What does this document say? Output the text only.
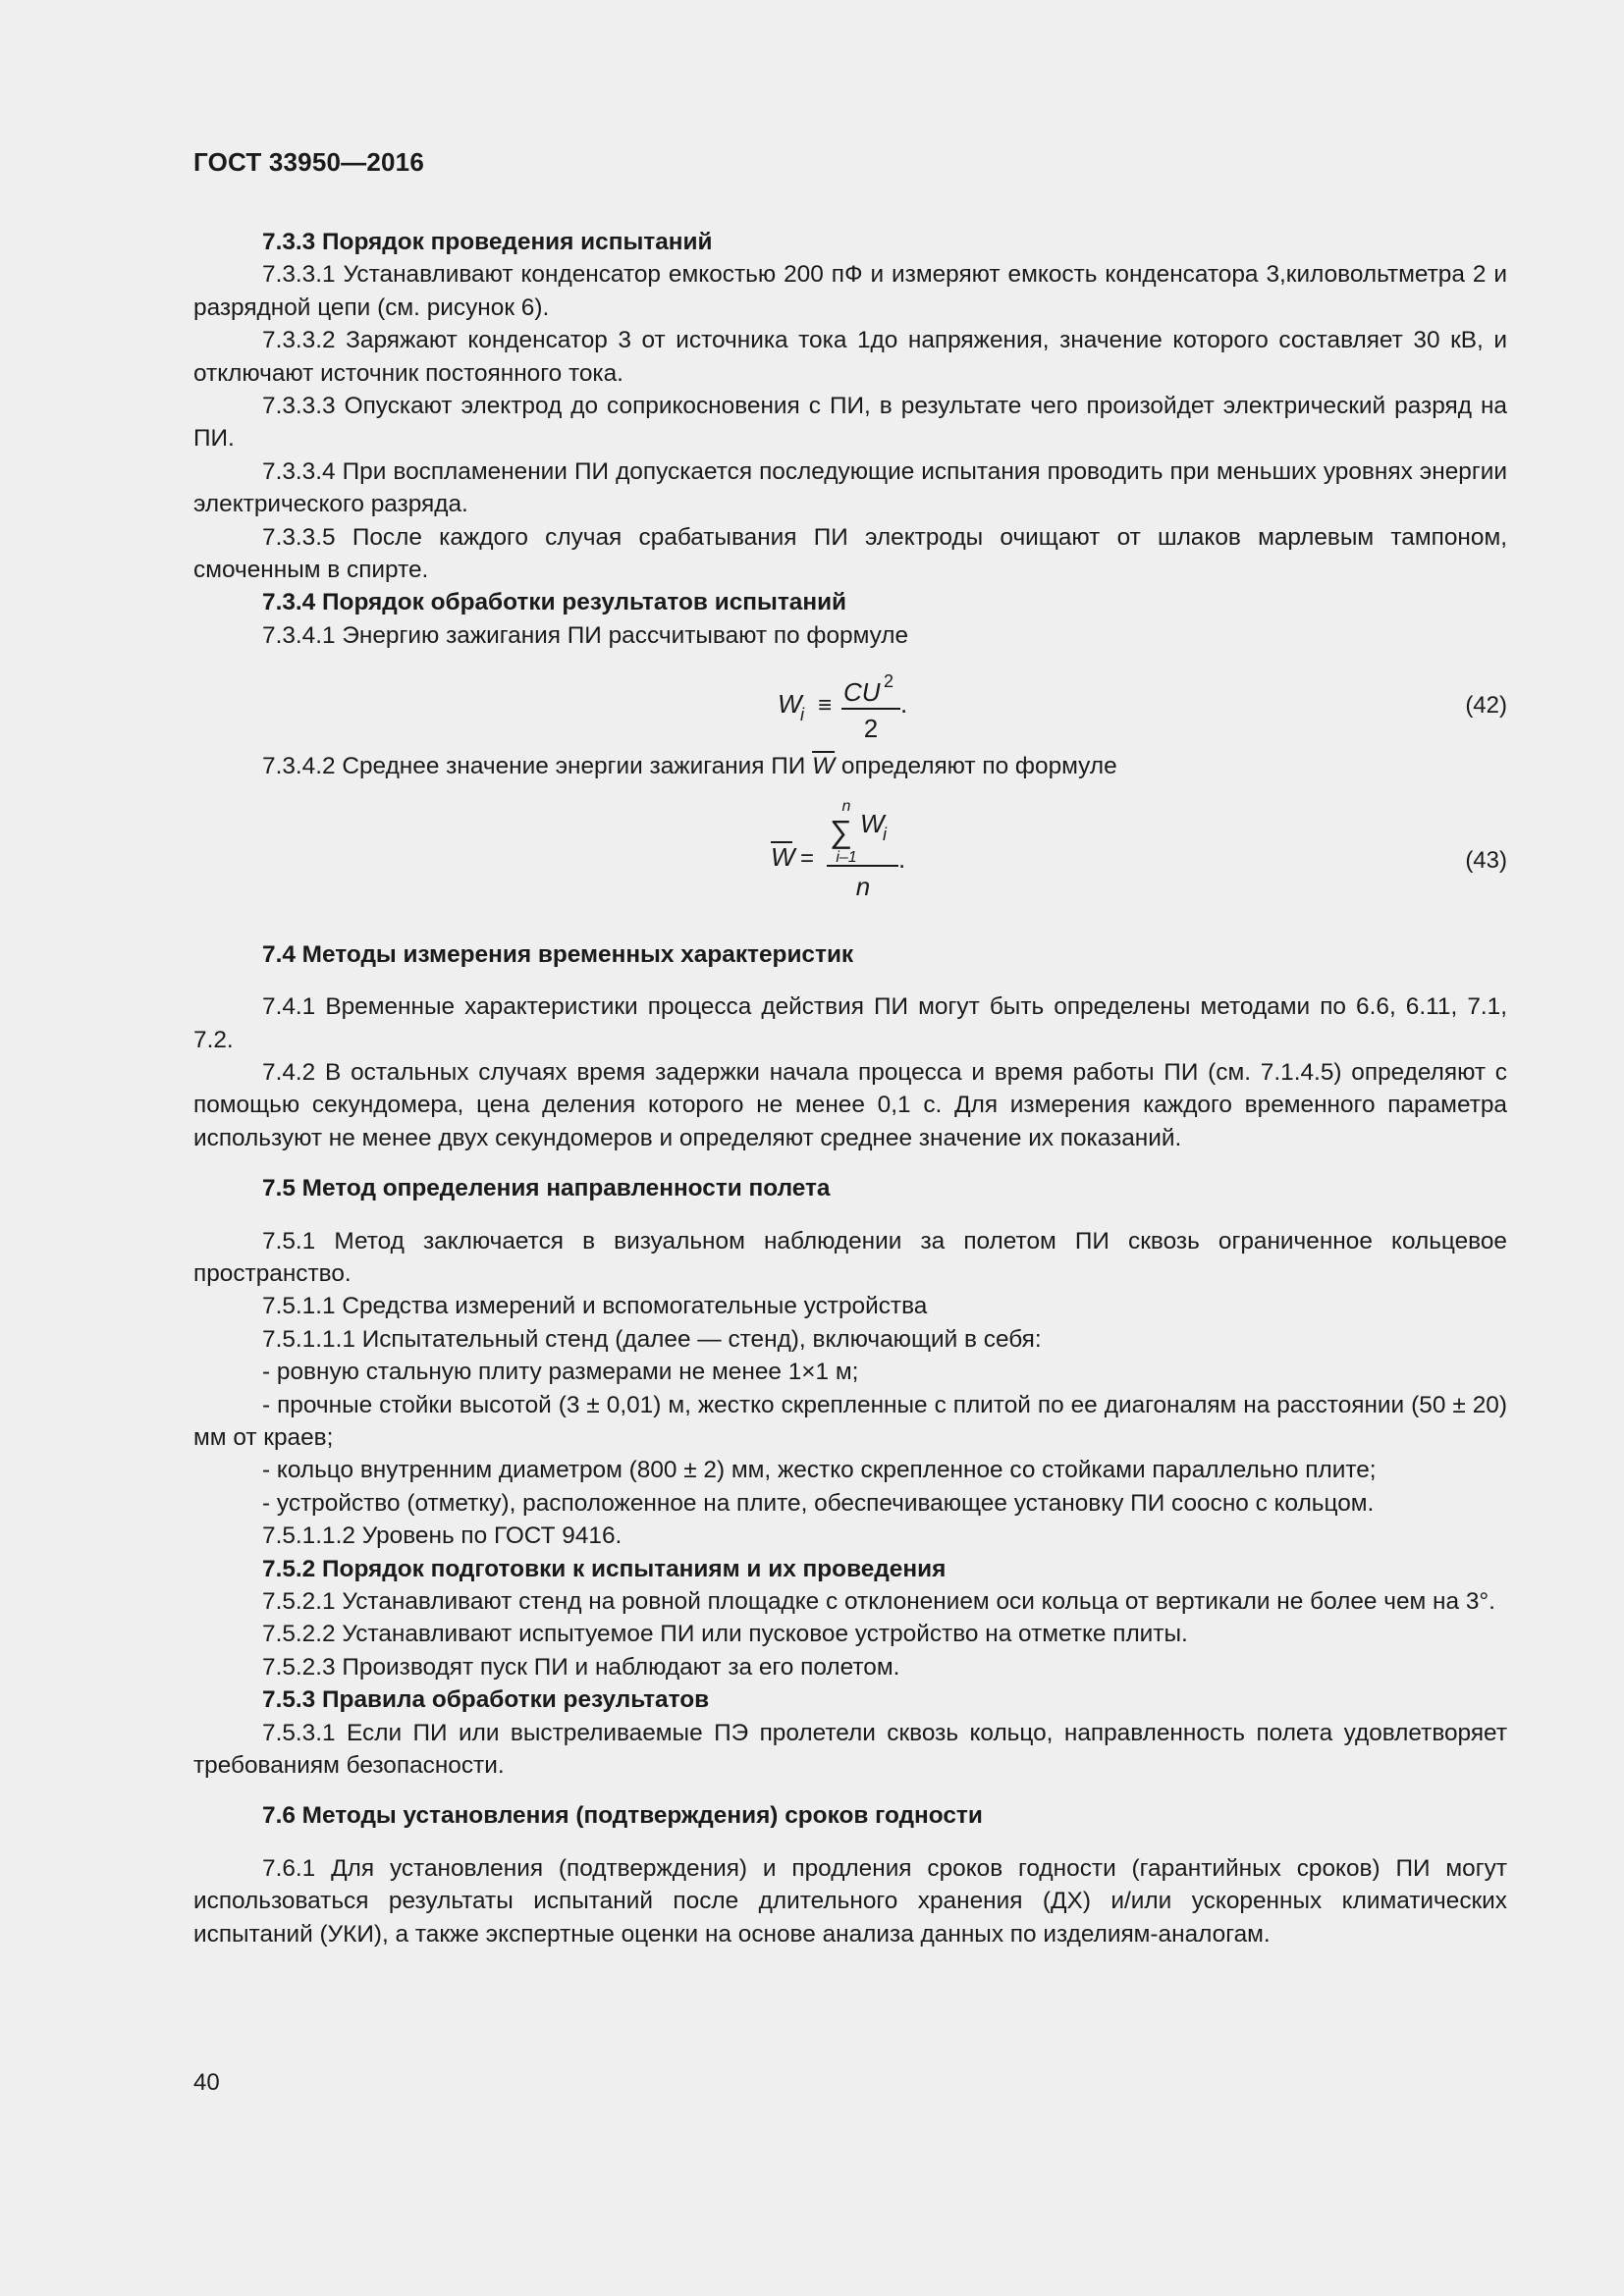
ГОСТ 33950—2016
7.3.3 Порядок проведения испытаний
7.3.3.1 Устанавливают конденсатор емкостью 200 пФ и измеряют емкость конденсатора 3,киловольтметра 2 и разрядной цепи (см. рисунок 6).
7.3.3.2 Заряжают конденсатор 3 от источника тока 1до напряжения, значение которого составляет 30 кВ, и отключают источник постоянного тока.
7.3.3.3 Опускают электрод до соприкосновения с ПИ, в результате чего произойдет электрический разряд на ПИ.
7.3.3.4 При воспламенении ПИ допускается последующие испытания проводить при меньших уровнях энергии электрического разряда.
7.3.3.5 После каждого случая срабатывания ПИ электроды очищают от шлаков марлевым тампоном, смоченным в спирте.
7.3.4 Порядок обработки результатов испытаний
7.3.4.1 Энергию зажигания ПИ рассчитывают по формуле
W
i ≡ CU 2
2
.	(42)
7.3.4.2 Среднее значение энергии зажигания ПИ $\overline{W}$ определяют по формуле
W =
n
∑ W
i
i–1
n
.	(43)
7.4 Методы измерения временных характеристик
7.4.1 Временные характеристики процесса действия ПИ могут быть определены методами по 6.6, 6.11, 7.1, 7.2.
7.4.2 В остальных случаях время задержки начала процесса и время работы ПИ (см. 7.1.4.5) определяют с помощью секундомера, цена деления которого не менее 0,1 с. Для измерения каждого временного параметра используют не менее двух секундомеров и определяют среднее значение их показаний.
7.5 Метод определения направленности полета
7.5.1 Метод заключается в визуальном наблюдении за полетом ПИ сквозь ограниченное кольцевое пространство.
7.5.1.1 Средства измерений и вспомогательные устройства
7.5.1.1.1 Испытательный стенд (далее — стенд), включающий в себя:
- ровную стальную плиту размерами не менее 1×1 м;
- прочные стойки высотой (3 ± 0,01) м, жестко скрепленные с плитой по ее диагоналям на расстоянии (50 ± 20) мм от краев;
- кольцо внутренним диаметром (800 ± 2) мм, жестко скрепленное со стойками параллельно плите;
- устройство (отметку), расположенное на плите, обеспечивающее установку ПИ соосно с кольцом.
7.5.1.1.2 Уровень по ГОСТ 9416.
7.5.2 Порядок подготовки к испытаниям и их проведения
7.5.2.1 Устанавливают стенд на ровной площадке с отклонением оси кольца от вертикали не более чем на 3°.
7.5.2.2 Устанавливают испытуемое ПИ или пусковое устройство на отметке плиты.
7.5.2.3 Производят пуск ПИ и наблюдают за его полетом.
7.5.3 Правила обработки результатов
7.5.3.1 Если ПИ или выстреливаемые ПЭ пролетели сквозь кольцо, направленность полета удовлетворяет требованиям безопасности.
7.6 Методы установления (подтверждения) сроков годности
7.6.1 Для установления (подтверждения) и продления сроков годности (гарантийных сроков) ПИ могут использоваться результаты испытаний после длительного хранения (ДХ) и/или ускоренных климатических испытаний (УКИ), а также экспертные оценки на основе анализа данных по изделиям-аналогам.
40
